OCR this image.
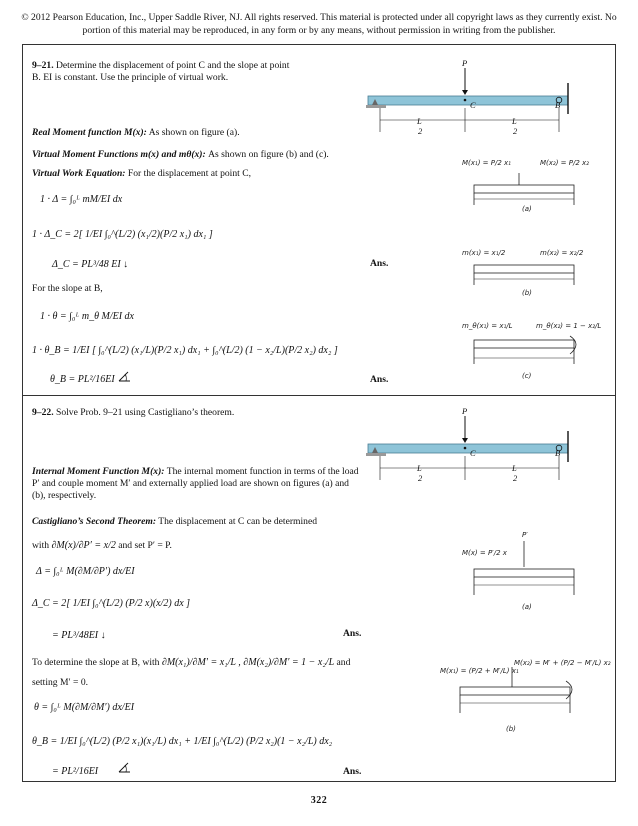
© 2012 Pearson Education, Inc., Upper Saddle River, NJ. All rights reserved. This material is protected under all copyright laws as they currently exist. No portion of this material may be reproduced, in any form or by any means, without permission in writing from the publisher.
9–21. Determine the displacement of point C and the slope at point B. EI is constant. Use the principle of virtual work.
P
C	B
L
2
L
2
Real Moment function M(x): As shown on figure (a).
Virtual Moment Functions m(x) and mθ(x): As shown on figure (b) and (c).
Virtual Work Equation: For the displacement at point C,
1 · Δ = ∫₀ᴸ mM/EI dx
1 · Δ_C = 2[ 1/EI ∫₀^(L/2) (x₁/2)(P/2 x₁) dx₁ ]
Δ_C = PL³/48 EI ↓	Ans.
For the slope at B,
1 · θ = ∫₀ᴸ m_θ M/EI dx
1 · θ_B = 1/EI [ ∫₀^(L/2) (x₁/L)(P/2 x₁) dx₁ + ∫₀^(L/2) (1 − x₂/L)(P/2 x₂) dx₂ ]
θ_B = PL²/16EI	Ans.
M(x₁) = P/2 x₁	M(x₂) = P/2 x₂
(a)
m(x₁) = x₁/2	m(x₂) = x₂/2
(b)
m_θ(x₁) = x₁/L	m_θ(x₂) = 1 − x₂/L
(c)
9–22. Solve Prob. 9–21 using Castigliano’s theorem.	P
C	B
L
2
L
2
Internal Moment Function M(x): The internal moment function in terms of the load P′ and couple moment M′ and externally applied load are shown on figures (a) and (b), respectively.
Castigliano’s Second Theorem: The displacement at C can be determined
with ∂M(x)/∂P′ = x/2 and set P′ = P.
Δ = ∫₀ᴸ M(∂M/∂P′) dx/EI
Δ_C = 2[ 1/EI ∫₀^(L/2) (P/2 x)(x/2) dx ]
= PL³/48EI ↓	Ans.
To determine the slope at B, with ∂M(x₁)/∂M′ = x₁/L , ∂M(x₂)/∂M′ = 1 − x₂/L and
setting M′ = 0.
θ = ∫₀ᴸ M(∂M/∂M′) dx/EI
θ_B = 1/EI ∫₀^(L/2) (P/2 x₁)(x₁/L) dx₁ + 1/EI ∫₀^(L/2) (P/2 x₂)(1 − x₂/L) dx₂
= PL²/16EI	Ans.
P′
M(x) = P′/2 x
(a)
M(x₁) = (P/2 + M′/L) x₁
M(x₂) = M′ + (P/2 − M′/L) x₂
(b)
322
